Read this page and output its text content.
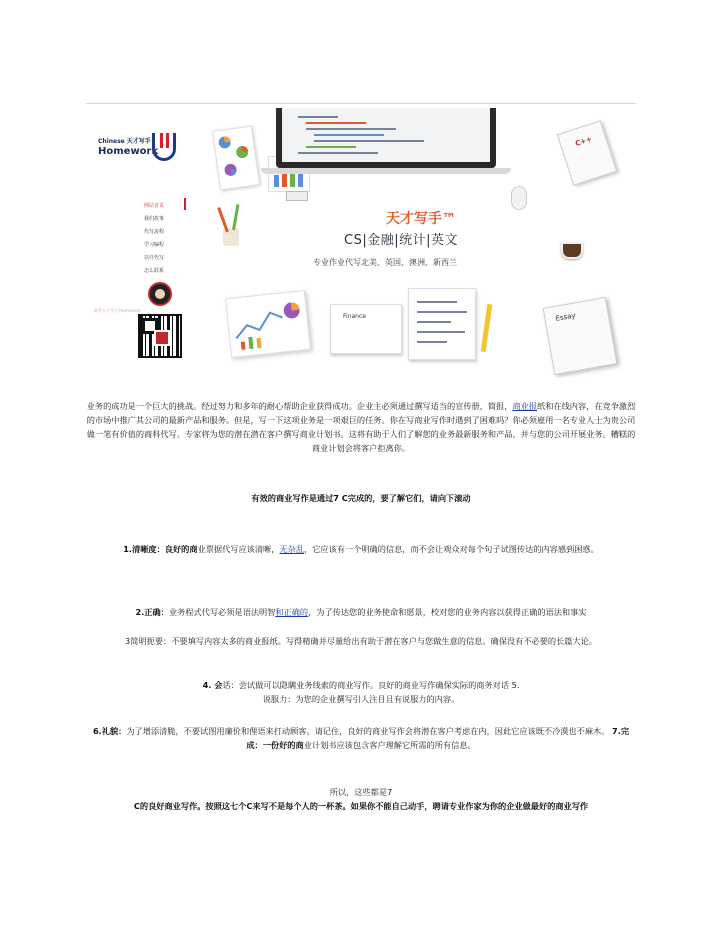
Chinese 天才写手
Homework
网站首页
我们故事
代写流程
学习编程
以往代写
怎么联系
联系天才写手 Homework
C++
天才写手™
CS|金融|统计|英文
专业作业代写北美、英国、澳洲、新西兰
Finance	Essay
业务的成功是一个巨大的挑战。经过努力和多年的耐心帮助企业获得成功。企业主必须通过撰写适当的宣传册，简报，商业报纸和在线内容，在竞争激烈的市场中推广其公司的最新产品和服务。但是，写一下这项业务是一项艰巨的任务。你在写商业写作时遇到了困难吗？你必须雇用一名专业人士为贵公司做一笔有价值的商科代写。专家将为您的潜在潜在客户撰写商业计划书。这将有助于人们了解您的业务最新服务和产品，并与您的公司开展业务。糟糕的商业计划会将客户拒离你。
有效的商业写作是通过7 C完成的，要了解它们，请向下滚动
1.清晰度：良好的商业票据代写应该清晰，无杂乱，它应该有一个明确的信息，而不会让观众对每个句子试图传达的内容感到困惑。
2.正确：业务程式代写必须是语法明智和正确的，为了传达您的业务使命和愿景，校对您的业务内容以获得正确的语法和事实
3简明扼要：不要填写内容太多的商业报纸。写得精确并尽量给出有助于潜在客户与您做生意的信息。确保没有不必要的长篇大论。
4. 会话：尝试做可以隐瞒业务线索的商业写作。良好的商业写作确保实际的商务对话 5.
说服力：为您的企业撰写引人注目且有说服力的内容。
6.礼貌：为了增添清脆，不要试图用廉价和俚语来打动顾客。请记住，良好的商业写作会将潜在客户考虑在内，因此它应该既不冷漠也不麻木。 7.完成：一份好的商业计划书应该包含客户理解它所需的所有信息。
所以，这些都是7
C的良好商业写作。按照这七个C来写不是每个人的一杯茶。如果你不能自己动手，聘请专业作家为你的企业做最好的商业写作
